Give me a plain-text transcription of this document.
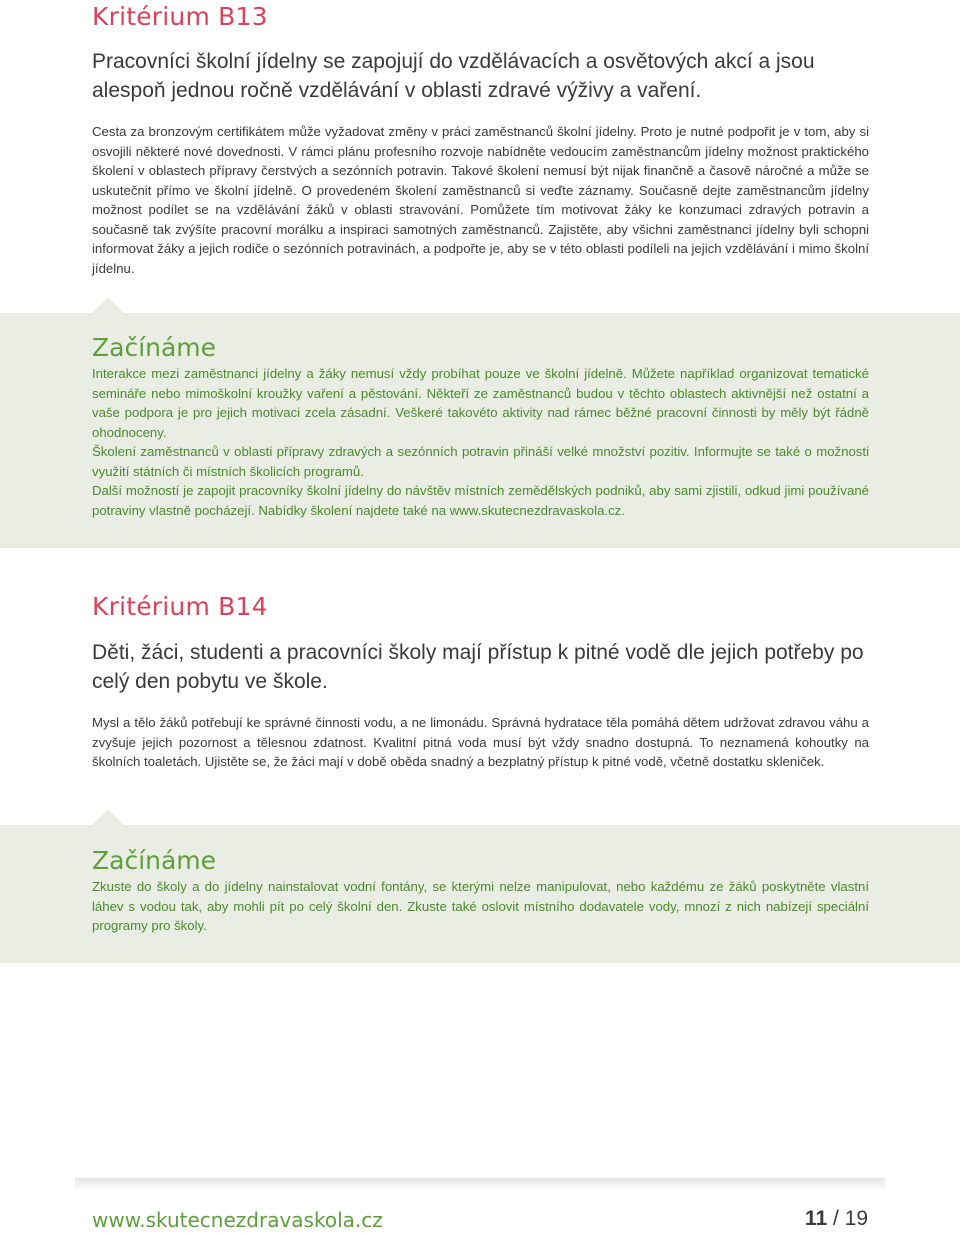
Kritérium B13

Pracovníci školní jídelny se zapojují do vzdělávacích a osvětových akcí a jsou alespoň jednou ročně vzdělávání v oblasti zdravé výživy a vaření.

Cesta za bronzovým certifikátem může vyžadovat změny v práci zaměstnanců školní jídelny. Proto je nutné podpořit je v tom, aby si osvojili některé nové dovednosti. V rámci plánu profesního rozvoje nabídněte vedoucím zaměstnancům jídelny možnost praktického školení v oblastech přípravy čerstvých a sezónních potravin. Takové školení nemusí být nijak finančně a časově náročné a může se uskutečnit přímo ve školní jídelně. O provedeném školení zaměstnanců si veďte záznamy. Současně dejte zaměstnancům jídelny možnost podílet se na vzdělávání žáků v oblasti stravování. Pomůžete tím motivovat žáky ke konzumaci zdravých potravin a současně tak zvýšíte pracovní morálku a inspiraci samotných zaměstnanců. Zajistěte, aby všichni zaměstnanci jídelny byli schopni informovat žáky a jejich rodiče o sezónních potravinách, a podpořte je, aby se v této oblasti podíleli na jejich vzdělávání i mimo školní jídelnu.

Začínáme

Interakce mezi zaměstnanci jídelny a žáky nemusí vždy probíhat pouze ve školní jídelně. Můžete například organizovat tematické semináře nebo mimoškolní kroužky vaření a pěstování. Někteří ze zaměstnanců budou v těchto oblastech aktivnější než ostatní a vaše podpora je pro jejich motivaci zcela zásadní. Veškeré takovéto aktivity nad rámec běžné pracovní činnosti by měly být řádně ohodnoceny.

Školení zaměstnanců v oblasti přípravy zdravých a sezónních potravin přináší velké množství pozitiv. Informujte se také o možnosti využití státních či místních školicích programů.

Další možností je zapojit pracovníky školní jídelny do návštěv místních zemědělských podniků, aby sami zjistili, odkud jimi používané potraviny vlastně pocházejí. Nabídky školení najdete také na www.skutecnezdravaskola.cz.

Kritérium B14

Děti, žáci, studenti a pracovníci školy mají přístup k pitné vodě dle jejich potřeby po celý den pobytu ve škole.

Mysl a tělo žáků potřebují ke správné činnosti vodu, a ne limonádu. Správná hydratace těla pomáhá dětem udržovat zdravou váhu a zvyšuje jejich pozornost a tělesnou zdatnost. Kvalitní pitná voda musí být vždy snadno dostupná. To neznamená kohoutky na školních toaletách. Ujistěte se, že žáci mají v době oběda snadný a bezplatný přístup k pitné vodě, včetně dostatku skleniček.

Začínáme

Zkuste do školy a do jídelny nainstalovat vodní fontány, se kterými nelze manipulovat, nebo každému ze žáků poskytněte vlastní láhev s vodou tak, aby mohli pít po celý školní den. Zkuste také oslovit místního dodavatele vody, mnozí z nich nabízejí speciální programy pro školy.

www.skutecnezdravaskola.cz	11 / 19
